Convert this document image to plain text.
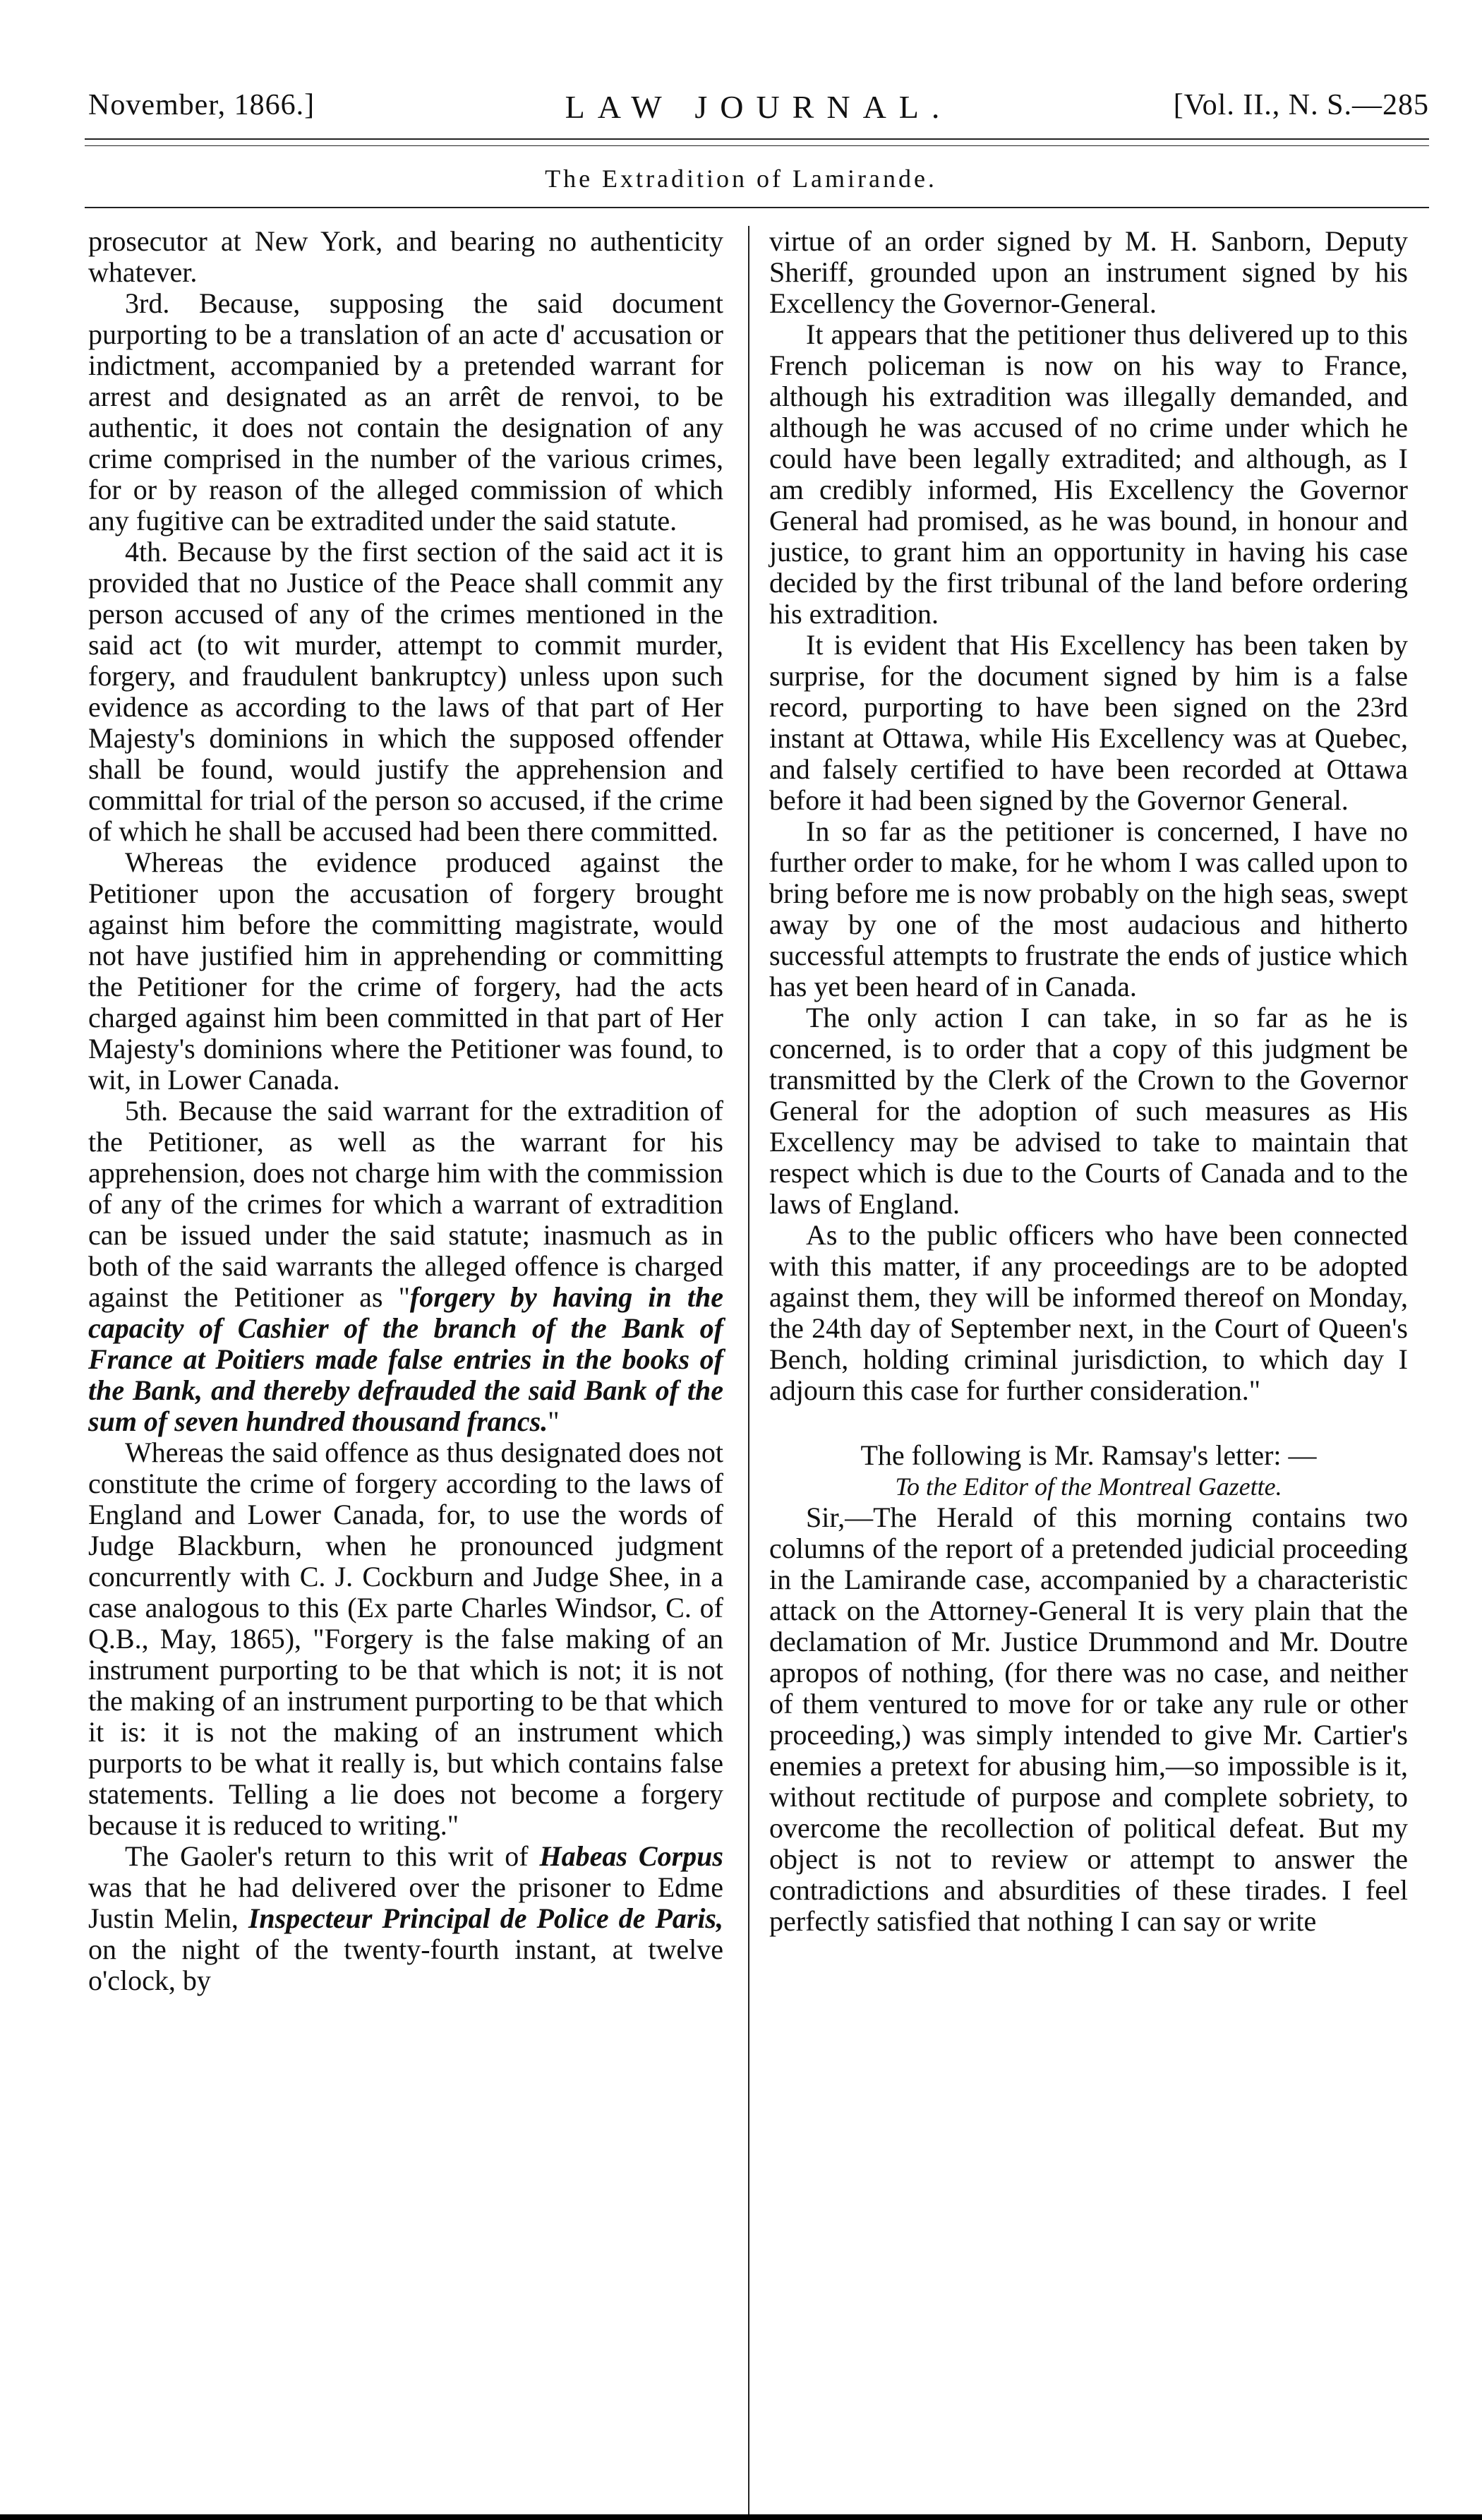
November, 1866.]	LAW JOURNAL.	[Vol. II., N. S.—285
The Extradition of Lamirande.

prosecutor at New York, and bearing no authenticity whatever.

3rd. Because, supposing the said document purporting to be a translation of an acte d' accusation or indictment, accompanied by a pretended warrant for arrest and designated as an arrêt de renvoi, to be authentic, it does not contain the designation of any crime comprised in the number of the various crimes, for or by reason of the alleged commission of which any fugitive can be extradited under the said statute.

4th. Because by the first section of the said act it is provided that no Justice of the Peace shall commit any person accused of any of the crimes mentioned in the said act (to wit murder, attempt to commit murder, forgery, and fraudulent bankruptcy) unless upon such evidence as according to the laws of that part of Her Majesty's dominions in which the supposed offender shall be found, would justify the apprehension and committal for trial of the person so accused, if the crime of which he shall be accused had been there committed.

Whereas the evidence produced against the Petitioner upon the accusation of forgery brought against him before the committing magistrate, would not have justified him in apprehending or committing the Petitioner for the crime of forgery, had the acts charged against him been committed in that part of Her Majesty's dominions where the Petitioner was found, to wit, in Lower Canada.

5th. Because the said warrant for the extradition of the Petitioner, as well as the warrant for his apprehension, does not charge him with the commission of any of the crimes for which a warrant of extradition can be issued under the said statute; inasmuch as in both of the said warrants the alleged offence is charged against the Petitioner as "forgery by having in the capacity of Cashier of the branch of the Bank of France at Poitiers made false entries in the books of the Bank, and thereby defrauded the said Bank of the sum of seven hundred thousand francs."

Whereas the said offence as thus designated does not constitute the crime of forgery according to the laws of England and Lower Canada, for, to use the words of Judge Blackburn, when he pronounced judgment concurrently with C. J. Cockburn and Judge Shee, in a case analogous to this (Ex parte Charles Windsor, C. of Q.B., May, 1865), "Forgery is the false making of an instrument purporting to be that which is not; it is not the making of an instrument purporting to be that which it is: it is not the making of an instrument which purports to be what it really is, but which contains false statements. Telling a lie does not become a forgery because it is reduced to writing."

The Gaoler's return to this writ of Habeas Corpus was that he had delivered over the prisoner to Edme Justin Melin, Inspecteur Principal de Police de Paris, on the night of the twenty-fourth instant, at twelve o'clock, by

virtue of an order signed by M. H. Sanborn, Deputy Sheriff, grounded upon an instrument signed by his Excellency the Governor-General.

It appears that the petitioner thus delivered up to this French policeman is now on his way to France, although his extradition was illegally demanded, and although he was accused of no crime under which he could have been legally extradited; and although, as I am credibly informed, His Excellency the Governor General had promised, as he was bound, in honour and justice, to grant him an opportunity in having his case decided by the first tribunal of the land before ordering his extradition.

It is evident that His Excellency has been taken by surprise, for the document signed by him is a false record, purporting to have been signed on the 23rd instant at Ottawa, while His Excellency was at Quebec, and falsely certified to have been recorded at Ottawa before it had been signed by the Governor General.

In so far as the petitioner is concerned, I have no further order to make, for he whom I was called upon to bring before me is now probably on the high seas, swept away by one of the most audacious and hitherto successful attempts to frustrate the ends of justice which has yet been heard of in Canada.

The only action I can take, in so far as he is concerned, is to order that a copy of this judgment be transmitted by the Clerk of the Crown to the Governor General for the adoption of such measures as His Excellency may be advised to take to maintain that respect which is due to the Courts of Canada and to the laws of England.

As to the public officers who have been connected with this matter, if any proceedings are to be adopted against them, they will be informed thereof on Monday, the 24th day of September next, in the Court of Queen's Bench, holding criminal jurisdiction, to which day I adjourn this case for further consideration."

The following is Mr. Ramsay's letter: —

To the Editor of the Montreal Gazette.

Sir,—The Herald of this morning contains two columns of the report of a pretended judicial proceeding in the Lamirande case, accompanied by a characteristic attack on the Attorney-General It is very plain that the declamation of Mr. Justice Drummond and Mr. Doutre apropos of nothing, (for there was no case, and neither of them ventured to move for or take any rule or other proceeding,) was simply intended to give Mr. Cartier's enemies a pretext for abusing him,—so impossible is it, without rectitude of purpose and complete sobriety, to overcome the recollection of political defeat. But my object is not to review or attempt to answer the contradictions and absurdities of these tirades. I feel perfectly satisfied that nothing I can say or write
